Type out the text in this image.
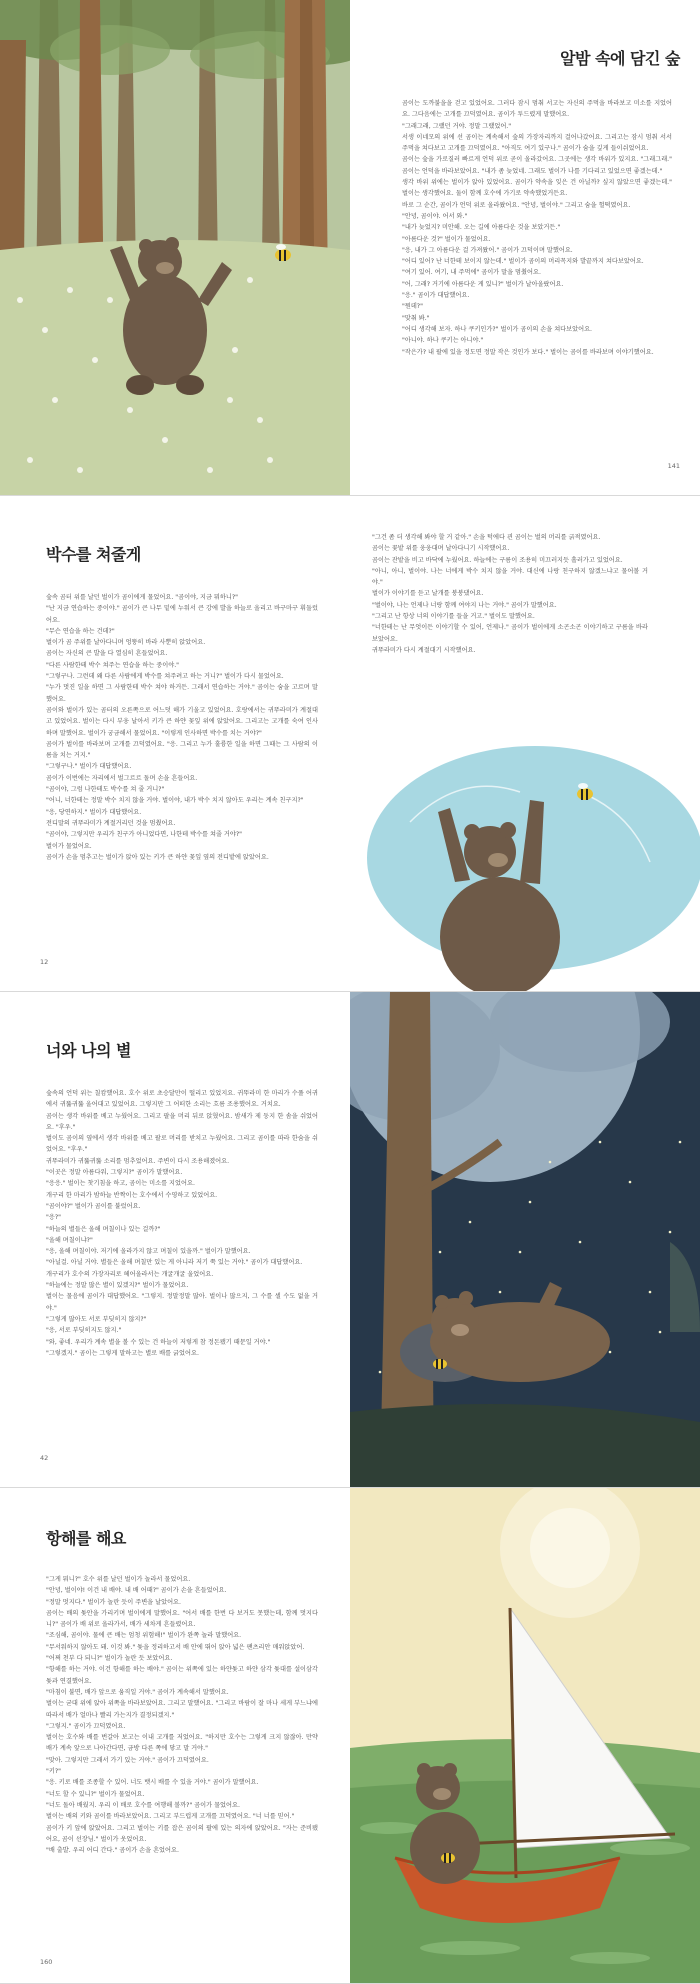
알밤 속에 담긴 숲

곰이는 도까불을을 걷고 있었어요. 그러다 잠시 멈춰 서고는 자신의 주먹을 바라보고 미소를 지었어요. 그다음에는 고개를 끄덕였어요. 곰이가 투드렸게 말했어요.

"그래그래, 그랬던 거야. 정말 그랬었어."

서생 이네모의 위에 선 곰이는 계속해서 숲의 가장자리까지 걸어나갔어요. 그리고는 잠시 멈춰 서서 주먹을 쳐다보고 고개를 끄덕였어요. "아직도 여기 있구나." 곰이가 숨을 깊게 들이쉬었어요.

곰이는 숲을 가로질러 빠르게 언덕 위로 곧이 올라갔어요. 그곳에는 생각 바위가 있지요. "그래그래." 곰이는 언덕을 바라보았어요. "내가 좀 늦었네. 그래도 벌이가 나를 기다리고 있었으면 좋겠는데."

생각 바위 위에는 벌이가 앉아 있었어요. 곰이가 약속을 잊은 건 아닐까? 싶지 않았으면 좋겠는데." 벌이는 생각했어요. 둘이 함께 호수에 가기로 약속했었거든요.

바로 그 순간, 곰이가 언덕 위로 올라왔어요. "안녕, 벌이야." 그리고 숨을 헐떡였어요.

"안녕, 곰이야. 어서 와."

"내가 늦었지? 미안해. 오는 길에 아름다운 것을 보았거든."

"아름다운 것?" 벌이가 물었어요.

"응, 내가 그 아름다운 걸 가져왔어." 곰이가 끄덕이며 말했어요.

"어디 있어? 난 너한테 보이지 않는데." 벌이가 곰이의 머리꼭지와 발끝까지 쳐다보았어요.

"여기 있어. 여기, 내 주먹에" 곰이가 말을 멈췄어요.

"어, 그래? 거기에 아름다운 게 있니?" 벌이가 날아올랐어요.

"응." 곰이가 대답했어요.

"뭔데?"

"맞춰 봐."

"어디 생각해 보자. 하나 쿠키인가?" 벌이가 곰이의 손을 쳐다보았어요.

"아니야. 하나 쿠키는 아니야."

"작은가? 내 팔에 있을 정도면 정말 작은 것인가 보다." 벌이는 곰이를 바라보며 이야기했어요.

141
박수를 쳐줄게

숲속 곰터 위를 날던 벌이가 곰이에게 물었어요. "곰이야, 지금 뭐하니?"

"난 지금 연습하는 중이야." 곰이가 큰 나무 밑에 누워서 큰 강에 발을 하늘로 올리고 바구마구 휘둘렀어요.

"무슨 연습을 하는 건데?"

벌이가 곰 주위를 날아다니며 엉뚱히 바라 사뿐히 앉았어요.

곰이는 자신의 큰 발을 다 열심히 흔들었어요.

"다른 사람한테 박수 쳐주는 연습을 하는 중이야."

"그렇구나. 그런데 왜 다른 사람에게 박수를 쳐주려고 하는 거니?" 벌이가 다시 물었어요.

"누가 멋진 일을 하면 그 사람한테 박수 쳐야 하거든. 그래서 연습하는 거야." 곰이는 숨을 고르며 말했어요.

곰이와 벌이가 있는 곰터의 오른쪽으로 어느덧 해가 기울고 있었어요. 호랑에서는 귀뚜라미가 계절대고 있었어요. 벌이는 다시 부웅 날아서 키가 큰 하얀 꽃잎 위에 앉았어요. 그리고는 고개를 숙여 인사하며 말했어요. 벌이가 궁금해서 물었어요. "이렇게 인사하면 박수를 치는 거야?"

곰이가 벌이를 바라보며 고개를 끄덕였어요. "응. 그리고 누가 훌륭한 일을 하면 그때는 그 사람의 이름을 치는 거지."

"그렇구나." 벌이가 대답했어요.

곰이가 이번에는 자리에서 벌그르르 돌며 손을 흔들어요.

"곰이야, 그럼 나한테도 박수를 쳐 줄 거니?"

"어니, 너한테는 정말 박수 치지 않을 거야. 벌이야, 내가 박수 치지 않아도 우리는 계속 친구지?"

"응, 당연하지." 벌이가 대답했어요.

전디말의 귀뚜라미가 계절거리던 것을 멈췄어요.

"곰이야, 그렇지만 우리가 친구가 아니었다면, 나한테 박수를 쳐줄 거야?"

벌이가 물었어요.

곰이가 손을 멈추고는 벌이가 앉아 있는 키가 큰 하얀 꽃잎 옆의 전디밭에 앉았어요.

12

"그건 좀 더 생각해 봐야 할 거 같아." 손을 턱에다 괸 곰이는 벌의 머리를 긁적였어요.

곰이는 꽃밭 위를 웅웅대며 날아다니기 시작했어요.

곰이는 잔밭을 비고 바닥에 누웠어요. 하늘에는 구름이 조용히 미끄러지듯 흘러가고 있었어요.

"아니, 아니, 벌이야. 나는 너에게 박수 치지 않을 거야. 대신에 나랑 친구하지 않겠느냐고 물어볼 거야."

벌이가 이야기를 듣고 날개를 붕붕댔어요.

"벌이야, 나는 언제나 너랑 함께 여야지 나는 거야." 곰이가 말했어요.

"그리고 난 항상 너의 이야기를 들을 거고." 벌이도 말했어요.

"너한테는 난 무엇이든 이야기할 수 있어, 언제나." 곰이가 벌이에게 소곤소곤 이야기하고 구름을 바라보았어요.

귀뚜라미가 다시 계절대기 시작했어요.

너와 나의 별

숲속의 언덕 위는 칠캄했어요. 호수 위로 초승달만이 떨리고 있었지요. 귀뚜라미 한 마리가 수풀 어귀에서 귀뚫귀뚫 울어대고 있었어요. 그렇지만 그 어떠한 소리는 흐름 조용했어요. 거치요.

곰이는 생각 바위를 베고 누웠어요. 그리고 팔을 머리 뒤로 앉혔어요. 밤새가 제 둥지 한 솜을 쉬었어요. "후우."

벌이도 곰이의 옆에서 생각 바위를 베고 팔로 머리를 받치고 누웠어요. 그리고 곰이를 따라 한숨을 쉬었어요. "후우."

귀뚜라미가 귀뚫귀뚫 소리를 멈추었어요. 주변이 다시 조용해졌어요.

"이곳은 정말 아름다워, 그렇지?" 곰이가 말했어요.

"응응." 벌이는 찻기침을 하고, 곰이는 미소를 지었어요.

개구리 한 마리가 밤하늘 반짝이는 호수에서 수영하고 있었어요.

"곰이야?" 벌이가 곰이를 불렀어요.

"응?"

"하늘의 별들은 올해 며칠이나 있는 걸까?"

"올해 며칠이냐?"

"응, 올해 며칠이야. 저기에 올라가지 않고 며칠이 있을까." 벌이가 말했어요.

"아닐걸. 아닐 거야. 별들은 올해 며칠만 있는 게 아니라 저기 쭉 있는 거야." 곰이가 대답했어요.

개구리가 호수의 가장자리로 헤어올라서는 개굴개굴 울었어요.

"하늘에는 정말 많은 별이 있겠지?" 벌이가 물었어요.

벌이는 물음에 곰이가 대답했어요. "그렇지. 정말정말 많아. 벌이나 많으지, 그 수를 셀 수도 없을 거야."

"그렇게 많아도 서로 부딪히지 않지?"

"응, 서로 부딪히지도 않지."

"와, 좋네. 우리가 계속 별을 볼 수 있는 건 하늘이 저렇게 참 정돈됐기 때문일 거야."

"그렇겠지." 곰이는 그렇게 말하고는 별로 배를 긁었어요.

42
항해를 해요

"그게 뭐니?" 호수 위를 날던 벌이가 놀라서 물었어요.

"안녕, 벌이야! 이건 내 배야. 내 배 어때?" 곰이가 손을 흔들었어요.

"정말 멋지다." 벌이가 놀란 듯이 주변을 날았어요.

곰이는 배의 돛안을 가리키며 벌이에게 말했어요. "어서 배를 한번 다 보거도 못했는데, 함께 멋지다니?" 곰이가 배 위로 올라가서, 배가 세차게 흔들렸어요.

"조심해, 곰이야. 물에 큰 배는 엄청 위험해!" 벌이가 완쪽 놀라 말했어요.

"무서워하지 않아도 돼. 이것 봐." 돛을 정리하고서 배 안에 뛰어 앉아 넓은 팬츠리안 매워앉았어.

"어쩌 천부 다 되니?" 벌이가 놀란 듯 보았어요.

"항해를 하는 거야. 이건 항해를 하는 배야." 곰이는 위쪽에 있는 하얀돛고 하얀 삼각 돛대를 설이삼각 돛과 연결했어요.

"마침이 불면, 배가 앞으로 움직일 거야." 곰이가 계속해서 말했어요.

벌이는 굳대 위에 앉아 위쪽을 바라보았어요. 그리고 말했어요. "그리고 바람이 잘 마나 세게 부느냐에 따라서 배가 얼마나 빨리 가는지가 결정되겠지."

"그렇지." 곰이가 끄덕였어요.

벌이는 호수와 배를 번갈아 보고는 이내 고개를 저었어요. "하지만 호수는 그렇게 크지 않잖아. 만약 배가 계속 앞으로 나아간다면, 금방 다른 쪽에 닿고 말 거야."

"맞아. 그렇지만 그래서 가기 있는 거야." 곰이가 끄덕였어요.

"키?"

"응. 키로 배를 조종할 수 있어. 너도 뱃시 배를 수 있을 거야." 곰이가 말했어요.

"너도 할 수 있니?" 벌이가 물었어요.

"너도 돌아 배웠지. 우리 이 배로 호수를 여행해 볼까?" 곰이가 물었어요.

벌이는 배의 키와 곰이를 바라보았어요. 그리고 부드럽게 고개를 끄덕였어요. "너 너를 믿어."

곰이가 키 앞에 앉았어요. 그리고 벌이는 키를 잡은 곰이의 팔에 있는 의자에 앉았어요. "자는 준비됐어요, 곰이 선장님." 벌이가 웃었어요.

"배 출발. 우리 어디 간다." 곰이가 손을 흔었어요.

160
